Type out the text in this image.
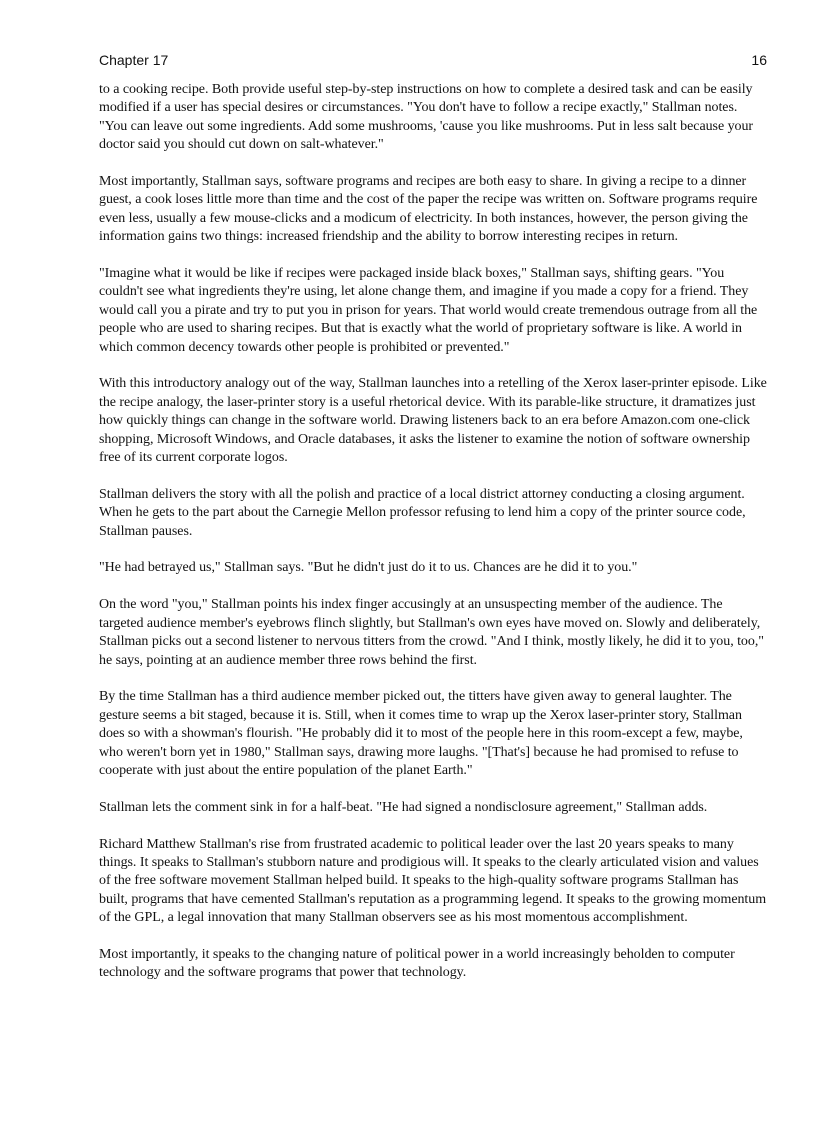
Chapter 17	16

to a cooking recipe. Both provide useful step-by-step instructions on how to complete a desired task and can be easily modified if a user has special desires or circumstances. "You don't have to follow a recipe exactly," Stallman notes. "You can leave out some ingredients. Add some mushrooms, 'cause you like mushrooms. Put in less salt because your doctor said you should cut down on salt-whatever."

Most importantly, Stallman says, software programs and recipes are both easy to share. In giving a recipe to a dinner guest, a cook loses little more than time and the cost of the paper the recipe was written on. Software programs require even less, usually a few mouse-clicks and a modicum of electricity. In both instances, however, the person giving the information gains two things: increased friendship and the ability to borrow interesting recipes in return.

"Imagine what it would be like if recipes were packaged inside black boxes," Stallman says, shifting gears. "You couldn't see what ingredients they're using, let alone change them, and imagine if you made a copy for a friend. They would call you a pirate and try to put you in prison for years. That world would create tremendous outrage from all the people who are used to sharing recipes. But that is exactly what the world of proprietary software is like. A world in which common decency towards other people is prohibited or prevented."

With this introductory analogy out of the way, Stallman launches into a retelling of the Xerox laser-printer episode. Like the recipe analogy, the laser-printer story is a useful rhetorical device. With its parable-like structure, it dramatizes just how quickly things can change in the software world. Drawing listeners back to an era before Amazon.com one-click shopping, Microsoft Windows, and Oracle databases, it asks the listener to examine the notion of software ownership free of its current corporate logos.

Stallman delivers the story with all the polish and practice of a local district attorney conducting a closing argument. When he gets to the part about the Carnegie Mellon professor refusing to lend him a copy of the printer source code, Stallman pauses.

"He had betrayed us," Stallman says. "But he didn't just do it to us. Chances are he did it to you."

On the word "you," Stallman points his index finger accusingly at an unsuspecting member of the audience. The targeted audience member's eyebrows flinch slightly, but Stallman's own eyes have moved on. Slowly and deliberately, Stallman picks out a second listener to nervous titters from the crowd. "And I think, mostly likely, he did it to you, too," he says, pointing at an audience member three rows behind the first.

By the time Stallman has a third audience member picked out, the titters have given away to general laughter. The gesture seems a bit staged, because it is. Still, when it comes time to wrap up the Xerox laser-printer story, Stallman does so with a showman's flourish. "He probably did it to most of the people here in this room-except a few, maybe, who weren't born yet in 1980," Stallman says, drawing more laughs. "[That's] because he had promised to refuse to cooperate with just about the entire population of the planet Earth."

Stallman lets the comment sink in for a half-beat. "He had signed a nondisclosure agreement," Stallman adds.

Richard Matthew Stallman's rise from frustrated academic to political leader over the last 20 years speaks to many things. It speaks to Stallman's stubborn nature and prodigious will. It speaks to the clearly articulated vision and values of the free software movement Stallman helped build. It speaks to the high-quality software programs Stallman has built, programs that have cemented Stallman's reputation as a programming legend. It speaks to the growing momentum of the GPL, a legal innovation that many Stallman observers see as his most momentous accomplishment.

Most importantly, it speaks to the changing nature of political power in a world increasingly beholden to computer technology and the software programs that power that technology.
